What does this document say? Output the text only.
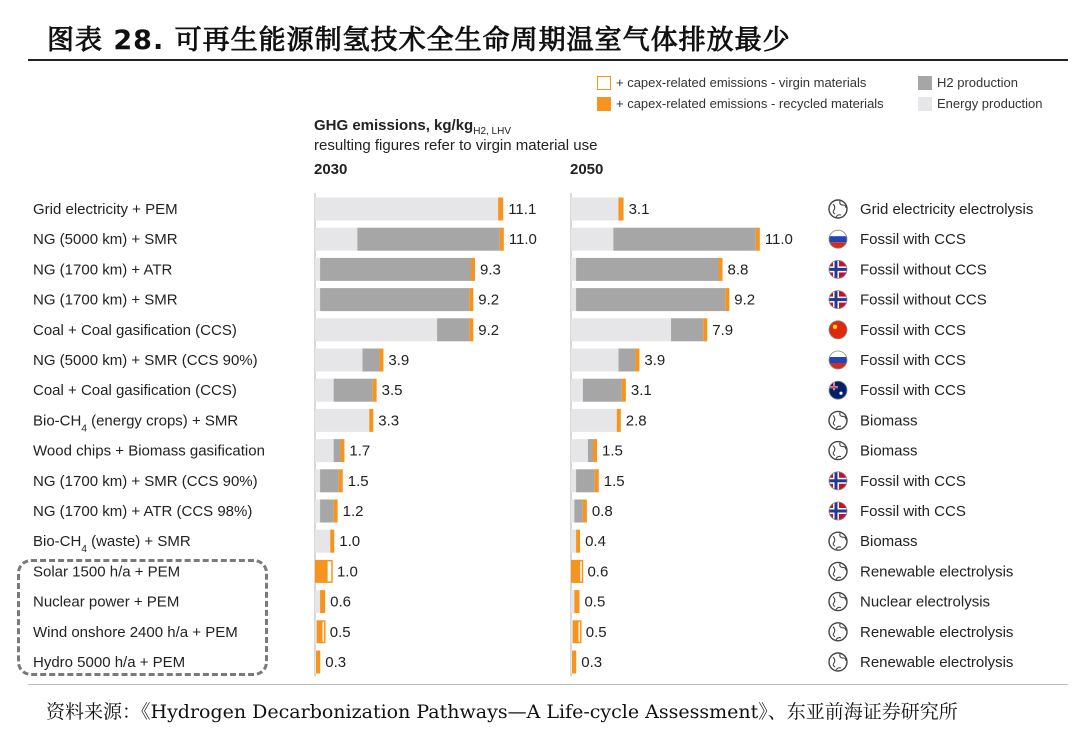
图表 28. 可再生能源制氢技术全生命周期温室气体排放最少
+ capex-related emissions - virgin materials
+ capex-related emissions - recycled materials
H2 production
Energy production
GHG emissions, $kg/kg_{H2, LHV}$
resulting figures refer to virgin material use
2030	2050
Grid electricity + PEM	11.1	3.1	Grid electricity electrolysis
NG (5000 km) + SMR	11.0	11.0	Fossil with CCS
NG (1700 km) + ATR	9.3	8.8	Fossil without CCS
NG (1700 km) + SMR	9.2	9.2	Fossil without CCS
Coal + Coal gasification (CCS)	9.2	7.9	Fossil with CCS
NG (5000 km) + SMR (CCS 90%)	3.9	3.9	Fossil with CCS
Coal + Coal gasification (CCS)	3.5	3.1	Fossil with CCS
Bio-$CH_4$ (energy crops) + SMR	3.3	2.8	Biomass
Wood chips + Biomass gasification	1.7	1.5	Biomass
NG (1700 km) + SMR (CCS 90%)	1.5	1.5	Fossil with CCS
NG (1700 km) + ATR (CCS 98%)	1.2	0.8	Fossil with CCS
Bio-$CH_4$ (waste) + SMR	1.0	0.4	Biomass
Solar 1500 h/a + PEM	1.0	0.6	Renewable electrolysis
Nuclear power + PEM	0.6	0.5	Nuclear electrolysis
Wind onshore 2400 h/a + PEM	0.5	0.5	Renewable electrolysis
Hydro 5000 h/a + PEM	0.3	0.3	Renewable electrolysis
资料来源：《Hydrogen Decarbonization Pathways—A Life-cycle Assessment》、东亚前海证券研究所
